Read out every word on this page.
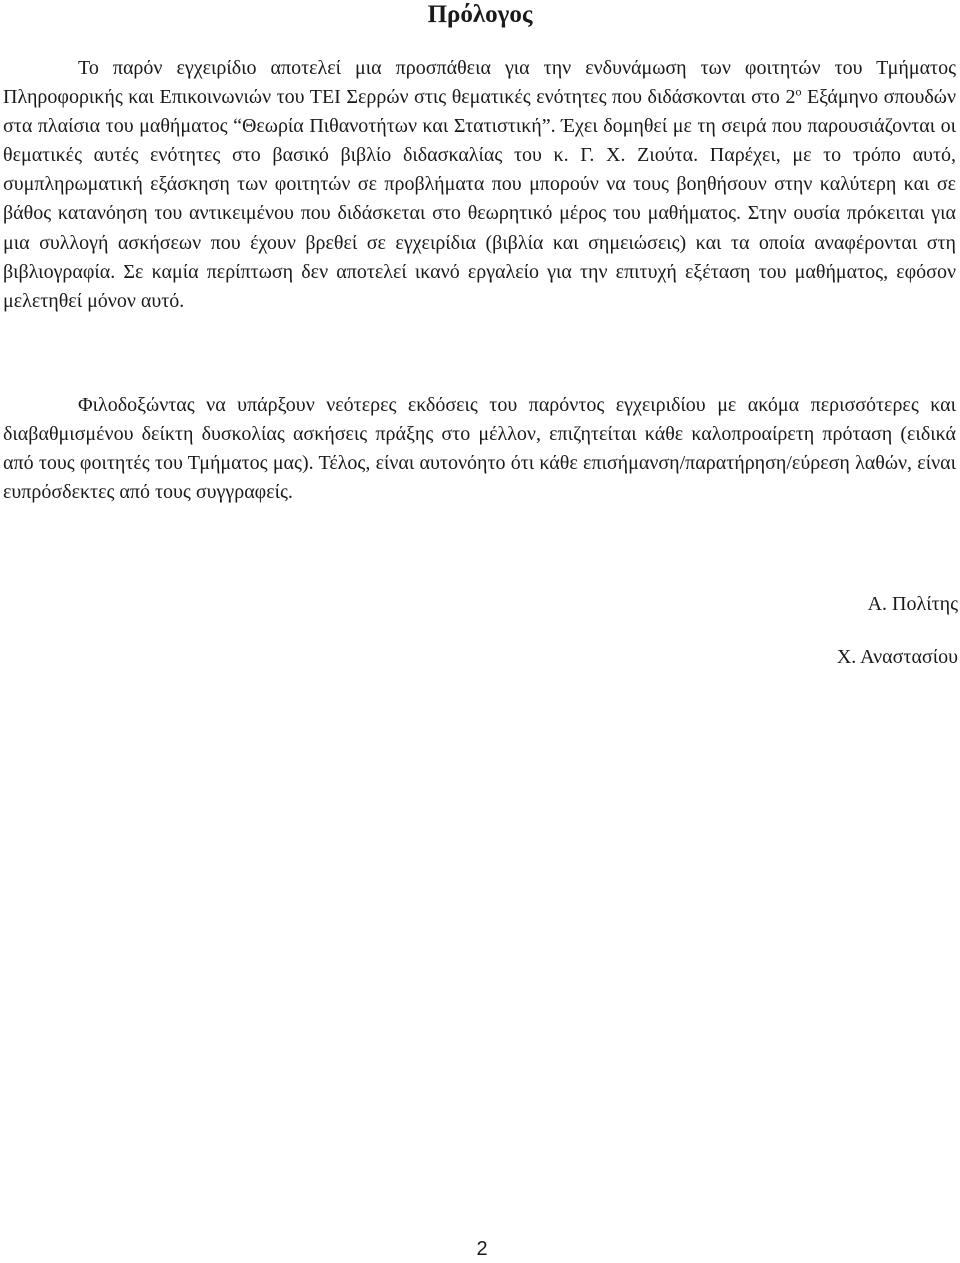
Πρόλογος

Το παρόν εγχειρίδιο αποτελεί μια προσπάθεια για την ενδυνάμωση των φοιτητών του Τμήματος Πληροφορικής και Επικοινωνιών του ΤΕΙ Σερρών στις θεματικές ενότητες που διδάσκονται στο $2^o$ Εξάμηνο σπουδών στα πλαίσια του μαθήματος “Θεωρία Πιθανοτήτων και Στατιστική”. Έχει δομηθεί με τη σειρά που παρουσιάζονται οι θεματικές αυτές ενότητες στο βασικό βιβλίο διδασκαλίας του κ. Γ. Χ. Ζιούτα. Παρέχει, με το τρόπο αυτό, συμπληρωματική εξάσκηση των φοιτητών σε προβλήματα που μπορούν να τους βοηθήσουν στην καλύτερη και σε βάθος κατανόηση του αντικειμένου που διδάσκεται στο θεωρητικό μέρος του μαθήματος. Στην ουσία πρόκειται για μια συλλογή ασκήσεων που έχουν βρεθεί σε εγχειρίδια (βιβλία και σημειώσεις) και τα οποία αναφέρονται στη βιβλιογραφία. Σε καμία περίπτωση δεν αποτελεί ικανό εργαλείο για την επιτυχή εξέταση του μαθήματος, εφόσον μελετηθεί μόνον αυτό.

Φιλοδοξώντας να υπάρξουν νεότερες εκδόσεις του παρόντος εγχειριδίου με ακόμα περισσότερες και διαβαθμισμένου δείκτη δυσκολίας ασκήσεις πράξης στο μέλλον, επιζητείται κάθε καλοπροαίρετη πρόταση (ειδικά από τους φοιτητές του Τμήματος μας). Τέλος, είναι αυτονόητο ότι κάθε επισήμανση/παρατήρηση/εύρεση λαθών, είναι ευπρόσδεκτες από τους συγγραφείς.

Α. Πολίτης

Χ. Αναστασίου

2
